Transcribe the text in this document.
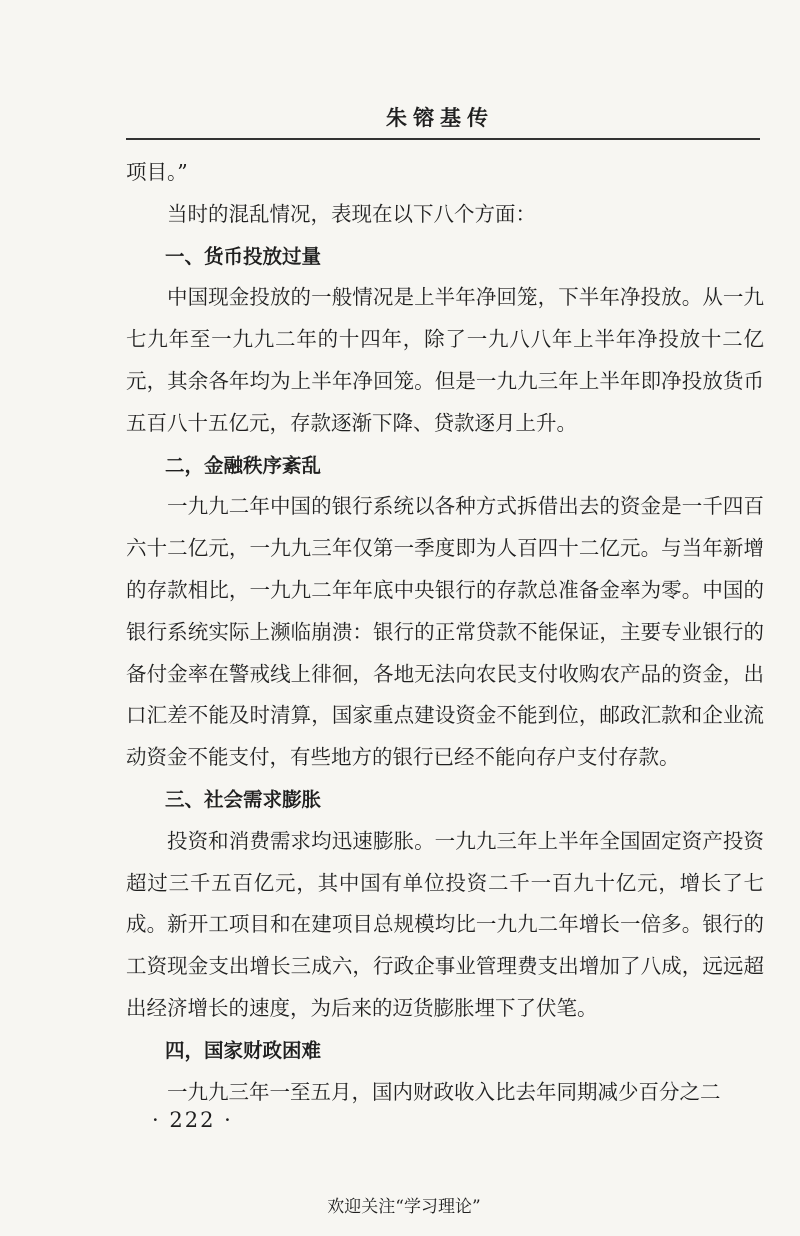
朱镕基传

项目。”

当时的混乱情况，表现在以下八个方面：

一、货币投放过量

中国现金投放的一般情况是上半年净回笼，下半年净投放。从一九七九年至一九九二年的十四年，除了一九八八年上半年净投放十二亿元，其余各年均为上半年净回笼。但是一九九三年上半年即净投放货币五百八十五亿元，存款逐渐下降、贷款逐月上升。

二，金融秩序紊乱

一九九二年中国的银行系统以各种方式拆借出去的资金是一千四百六十二亿元，一九九三年仅第一季度即为人百四十二亿元。与当年新增的存款相比，一九九二年年底中央银行的存款总准备金率为零。中国的银行系统实际上濒临崩溃：银行的正常贷款不能保证，主要专业银行的备付金率在警戒线上徘徊，各地无法向农民支付收购农产品的资金，出口汇差不能及时清算，国家重点建设资金不能到位，邮政汇款和企业流动资金不能支付，有些地方的银行已经不能向存户支付存款。

三、社会需求膨胀

投资和消费需求均迅速膨胀。一九九三年上半年全国固定资产投资超过三千五百亿元，其中国有单位投资二千一百九十亿元，增长了七成。新开工项目和在建项目总规模均比一九九二年增长一倍多。银行的工资现金支出增长三成六，行政企事业管理费支出增加了八成，远远超出经济增长的速度，为后来的迈货膨胀埋下了伏笔。

四，国家财政困难

一九九三年一至五月，国内财政收入比去年同期减少百分之二

· 222 ·
欢迎关注“学习理论”
